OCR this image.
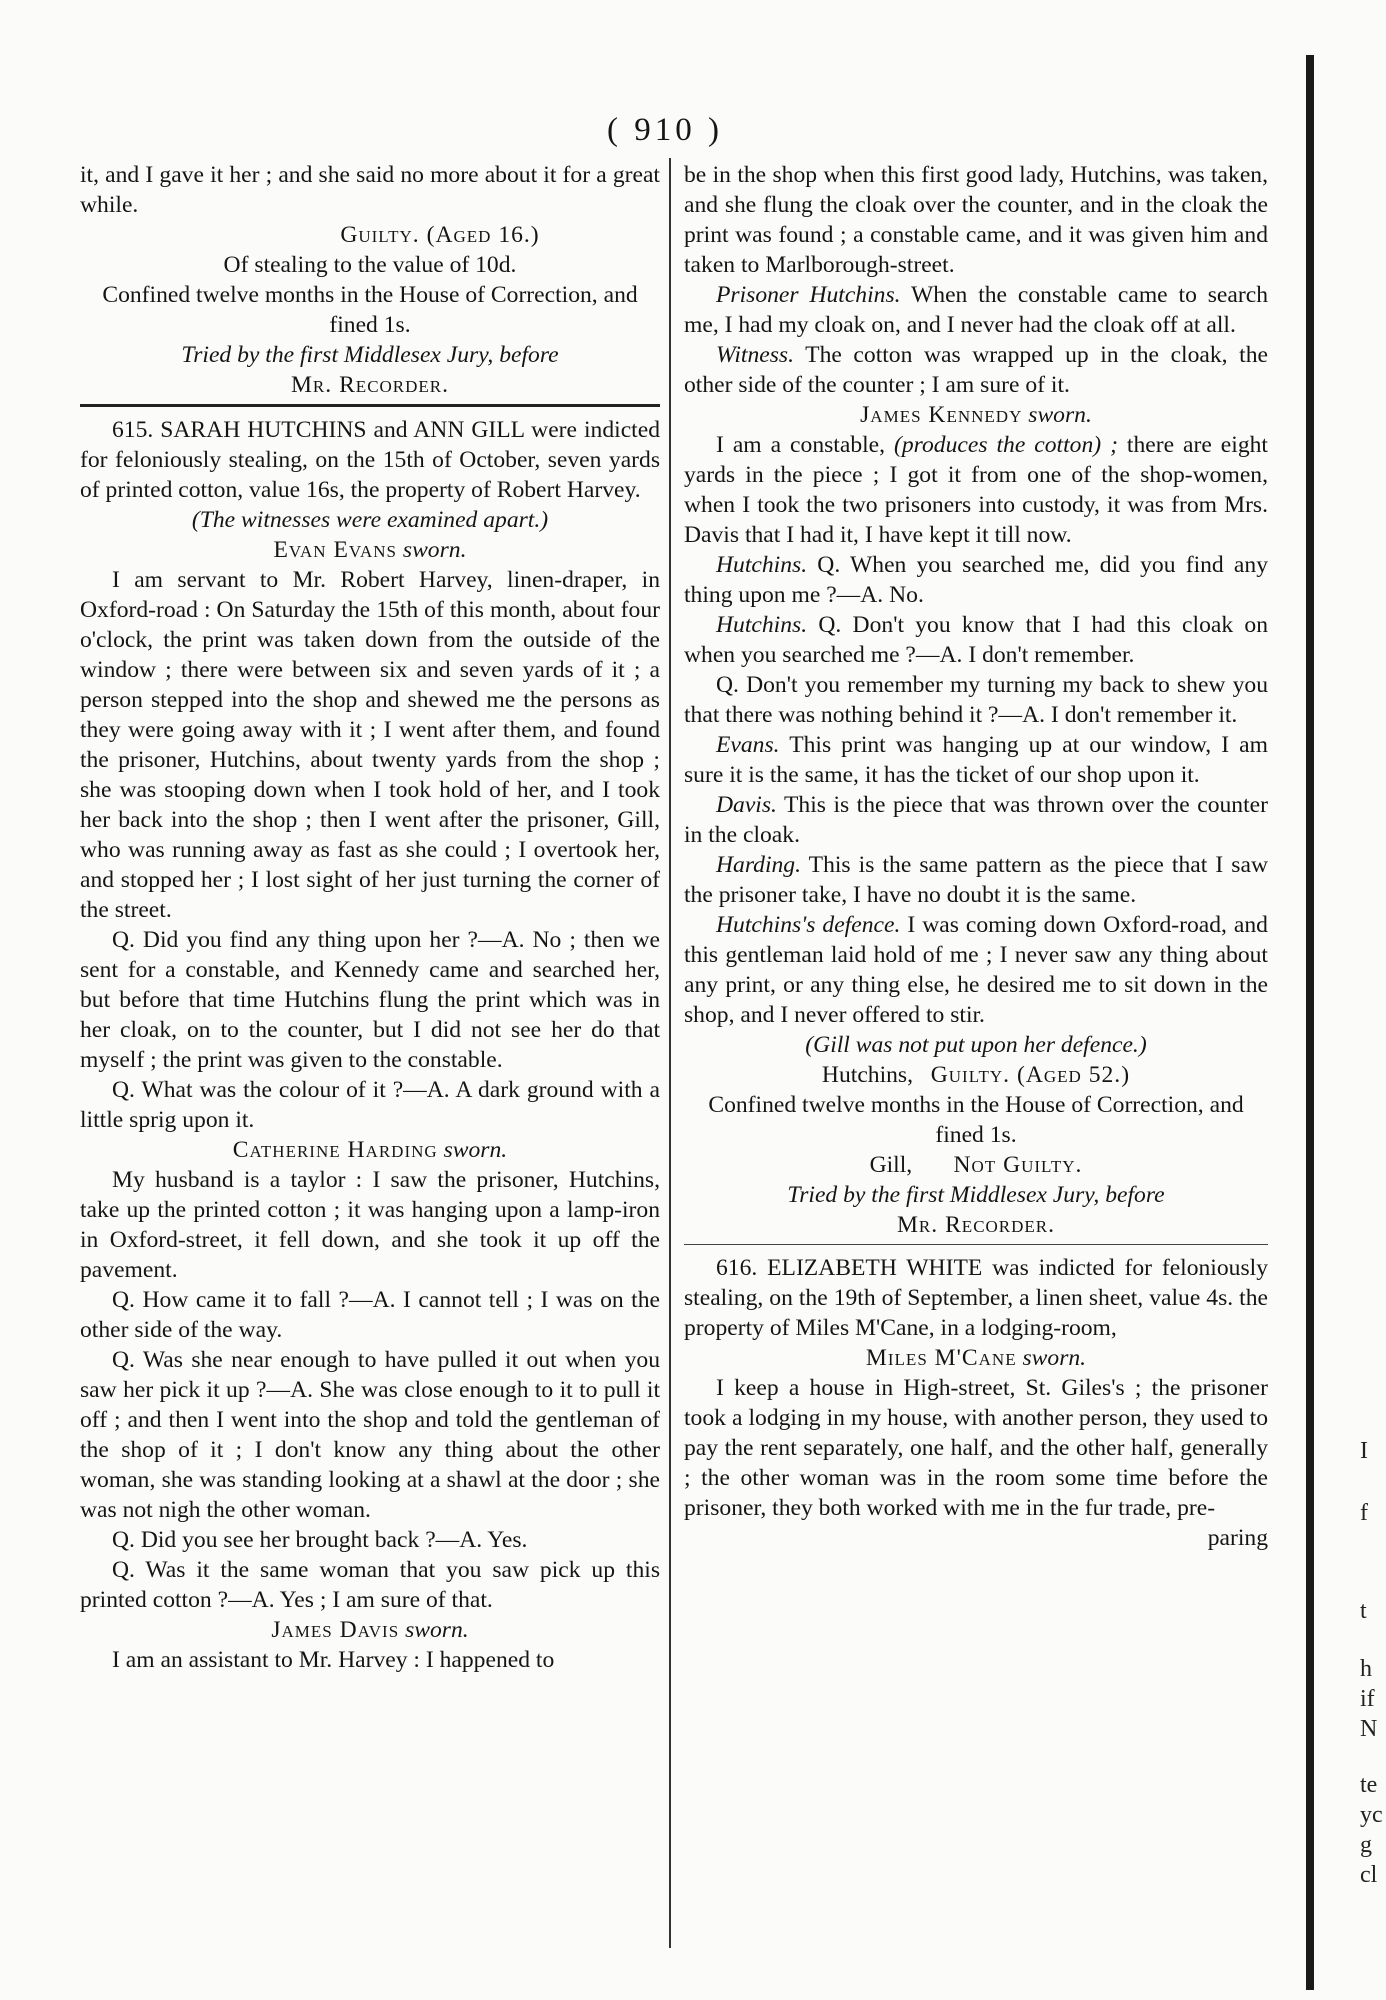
( 910 )

it, and I gave it her ; and she said no more about it for a great while.

Guilty. (Aged 16.)

Of stealing to the value of 10d.

Confined twelve months in the House of Correction, and fined 1s.

Tried by the first Middlesex Jury, before

Mr. Recorder.

615. SARAH HUTCHINS and ANN GILL were indicted for feloniously stealing, on the 15th of October, seven yards of printed cotton, value 16s, the property of Robert Harvey.

(The witnesses were examined apart.)

Evan Evans sworn.

I am servant to Mr. Robert Harvey, linen-draper, in Oxford-road : On Saturday the 15th of this month, about four o'clock, the print was taken down from the outside of the window ; there were between six and seven yards of it ; a person stepped into the shop and shewed me the persons as they were going away with it ; I went after them, and found the prisoner, Hutchins, about twenty yards from the shop ; she was stooping down when I took hold of her, and I took her back into the shop ; then I went after the prisoner, Gill, who was running away as fast as she could ; I overtook her, and stopped her ; I lost sight of her just turning the corner of the street.

Q. Did you find any thing upon her ?—A. No ; then we sent for a constable, and Kennedy came and searched her, but before that time Hutchins flung the print which was in her cloak, on to the counter, but I did not see her do that myself ; the print was given to the constable.

Q. What was the colour of it ?—A. A dark ground with a little sprig upon it.

Catherine Harding sworn.

My husband is a taylor : I saw the prisoner, Hutchins, take up the printed cotton ; it was hanging upon a lamp-iron in Oxford-street, it fell down, and she took it up off the pavement.

Q. How came it to fall ?—A. I cannot tell ; I was on the other side of the way.

Q. Was she near enough to have pulled it out when you saw her pick it up ?—A. She was close enough to it to pull it off ; and then I went into the shop and told the gentleman of the shop of it ; I don't know any thing about the other woman, she was standing looking at a shawl at the door ; she was not nigh the other woman.

Q. Did you see her brought back ?—A. Yes.

Q. Was it the same woman that you saw pick up this printed cotton ?—A. Yes ; I am sure of that.

James Davis sworn.

I am an assistant to Mr. Harvey : I happened to

be in the shop when this first good lady, Hutchins, was taken, and she flung the cloak over the counter, and in the cloak the print was found ; a constable came, and it was given him and taken to Marlborough-street.

Prisoner Hutchins. When the constable came to search me, I had my cloak on, and I never had the cloak off at all.

Witness. The cotton was wrapped up in the cloak, the other side of the counter ; I am sure of it.

James Kennedy sworn.

I am a constable, (produces the cotton) ; there are eight yards in the piece ; I got it from one of the shop-women, when I took the two prisoners into custody, it was from Mrs. Davis that I had it, I have kept it till now.

Hutchins. Q. When you searched me, did you find any thing upon me ?—A. No.

Hutchins. Q. Don't you know that I had this cloak on when you searched me ?—A. I don't remember.

Q. Don't you remember my turning my back to shew you that there was nothing behind it ?—A. I don't remember it.

Evans. This print was hanging up at our window, I am sure it is the same, it has the ticket of our shop upon it.

Davis. This is the piece that was thrown over the counter in the cloak.

Harding. This is the same pattern as the piece that I saw the prisoner take, I have no doubt it is the same.

Hutchins's defence. I was coming down Oxford-road, and this gentleman laid hold of me ; I never saw any thing about any print, or any thing else, he desired me to sit down in the shop, and I never offered to stir.

(Gill was not put upon her defence.)

Hutchins, Guilty. (Aged 52.)

Confined twelve months in the House of Correction, and fined 1s.

Gill, Not Guilty.

Tried by the first Middlesex Jury, before

Mr. Recorder.

616. ELIZABETH WHITE was indicted for feloniously stealing, on the 19th of September, a linen sheet, value 4s. the property of Miles M'Cane, in a lodging-room,

Miles M'Cane sworn.

I keep a house in High-street, St. Giles's ; the prisoner took a lodging in my house, with another person, they used to pay the rent separately, one half, and the other half, generally ; the other woman was in the room some time before the prisoner, they both worked with me in the fur trade, pre-

paring

I
f
t
h
if
N
te
yc
g
cl
